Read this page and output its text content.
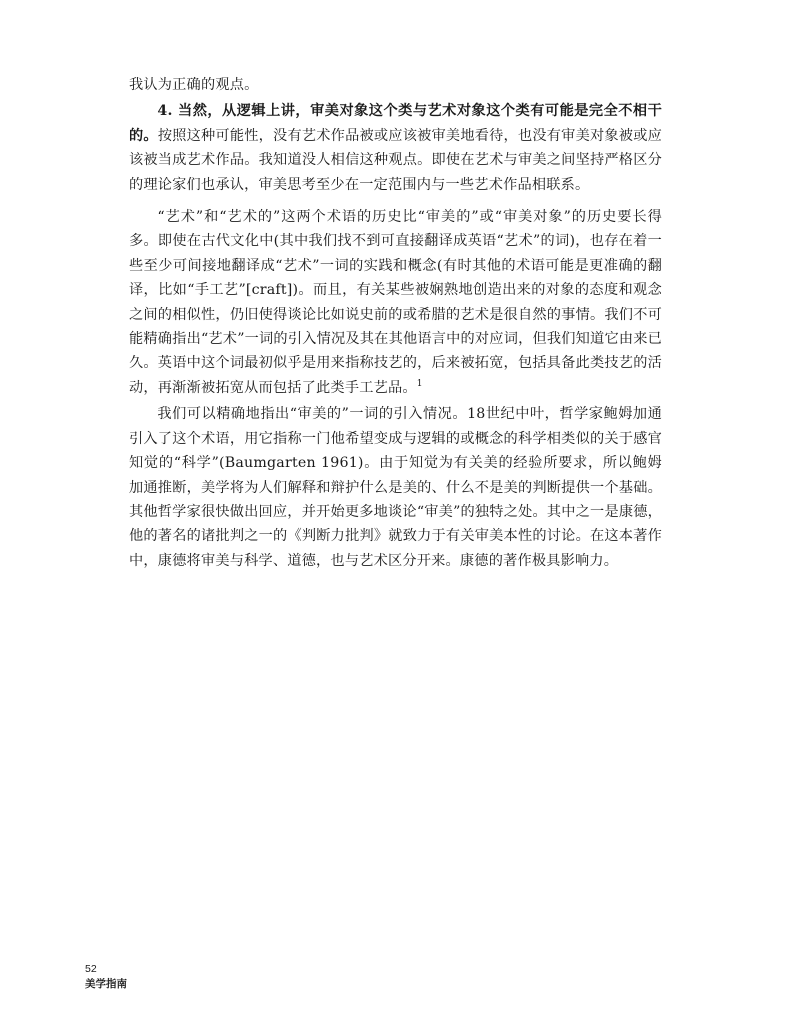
我认为正确的观点。

4. 当然，从逻辑上讲，审美对象这个类与艺术对象这个类有可能是完全不相干的。按照这种可能性，没有艺术作品被或应该被审美地看待，也没有审美对象被或应该被当成艺术作品。我知道没人相信这种观点。即使在艺术与审美之间坚持严格区分的理论家们也承认，审美思考至少在一定范围内与一些艺术作品相联系。

“艺术”和“艺术的”这两个术语的历史比“审美的”或“审美对象”的历史要长得多。即使在古代文化中(其中我们找不到可直接翻译成英语“艺术”的词)，也存在着一些至少可间接地翻译成“艺术”一词的实践和概念(有时其他的术语可能是更准确的翻译，比如“手工艺”[craft])。而且，有关某些被娴熟地创造出来的对象的态度和观念之间的相似性，仍旧使得谈论比如说史前的或希腊的艺术是很自然的事情。我们不可能精确指出“艺术”一词的引入情况及其在其他语言中的对应词，但我们知道它由来已久。英语中这个词最初似乎是用来指称技艺的，后来被拓宽，包括具备此类技艺的活动，再渐渐被拓宽从而包括了此类手工艺品。$^1$

我们可以精确地指出“审美的”一词的引入情况。18世纪中叶，哲学家鲍姆加通引入了这个术语，用它指称一门他希望变成与逻辑的或概念的科学相类似的关于感官知觉的“科学”(Baumgarten 1961)。由于知觉为有关美的经验所要求，所以鲍姆加通推断，美学将为人们解释和辩护什么是美的、什么不是美的判断提供一个基础。其他哲学家很快做出回应，并开始更多地谈论“审美”的独特之处。其中之一是康德，他的著名的诸批判之一的《判断力批判》就致力于有关审美本性的讨论。在这本著作中，康德将审美与科学、道德，也与艺术区分开来。康德的著作极具影响力。

52
美学指南
